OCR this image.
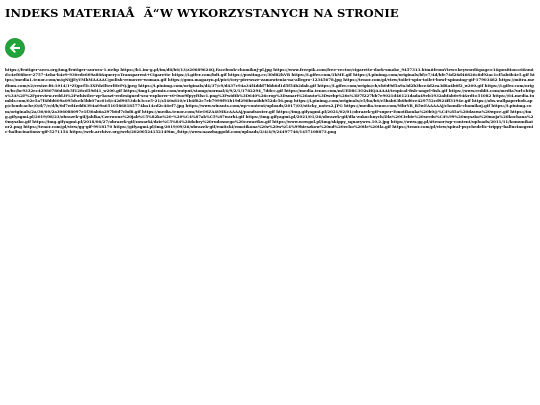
INDEKS MATERIAÅÃ“W WYKORZYSTANYCH NA STRONIE
https://frutiger-aero.org/img/frutiger-aurora-1.webp https://b1.im-g.pl/im/d8/b6/13/z20689624Q,Facebook-chomikuj-pl.jpg https://www.freepik.com/free-vector/cigarette-dark-smoke_9457313.htm#fromView=keyword&page=1&position=6&uuid=4ef08bee-2757-4eba-b4e9-930ede609a88&query=Transparent+Cigarette https://i.gifer.com/bdt.gif https://posting.cc/30d82hVR https://i.gifer.com/1kME.gif https://i.pinimg.com/originals/bf/e7/4d/bfe74d26d46826c8d92ac1cf5ab6b4e5.gif https://media1.tenor.com/m/qNtjjEyVMhMAAAAC/polish-remover-woman.gif https://gmu.magazyn.pl/pict/trzy-pierwsze-zamowienia-na-allegro-12345678.jpg https://tenor.com/pl/view/toilet-spin-toilet-bowl-spinning-gif-17903482 https://mitra.medium.com/v2/resize:fit:1014/1*ZQpcfTc3XFdzIlterlHvPQ.jpeg https://i.pinimg.com/originals/d4/37/c9/d437c94a34f4ddd7bbb6d1d5f54b2dab.gif https://i.gifer.com/origin/cb/cb0d9d5a9a3d2b3bce4d2ea3d8a4b6f2_w200.gif https://i.gifer.com/origin/bc/bc9332ec42980780d4dc5f128cd59d41_w200.gif https://img1.picmix.com/output/stamp/normal/4/9/2/1/1782294_7ddcc.gif https://media.tenor.com/mUED8C3O2sHQAAAAi/tropical-fish-angel-fish.gif https://www.reddit.com/media?url=https%3A%2F%2Fpreview.redd.it%2Fwhistler-zp-koszt-redesigned-sea-explorer-v0-0uo9fpyyftlsc1.png%3Fwidth%3D640%26crop%3Dsmart%26auto%3Dwebp%26s%3D7f227bb7e9021d46121dada49eb1932abfab0e94&rdt=51082 https://64.media.tumblr.com/02e5a7f4fdd609a095dceb5bb07ac01d/c42d9053dcb3cce5-21/s540x810/e1b4f82c7eb7999f91b19d290bea6bb952dc56.png https://i.pinimg.com/originals/e5/ba/b6/e5bab63b0bd0ce429752cd924ff3194e.gif https://obs.wallpaperbob.app/cloudcache/0/d/7/e/d/b/0d7ed4edd6394a09a65105868185774ba14cd2c46ef7.jpg https://www.winsnts.com/wp-content/uploads/2017/03/sticky_notes2.JPG https://media.tenor.com/MbrYR_B5wEAAAAAj/chomik-chomikuj.gif https://i.pinimg.com/originals/2a/30/60/2a306088097e1f30ab6a297b0d7cbd8.gif https://media.tenor.com/MeOSZA4tMKcAAAAj/pandsoster.gif https://img.gifyagmi.pl/2021/02/01/obrazek-gif-super-Emotikonka%20b0@%C4%85a%20dzawa%20wpce.gif https://img.gifyagmi.pl/2019/08/23/obrazek-gif/jablka/Czerwone%20jab%C5%82ko%20-%20%C4%87ak%C5%87warhi.gif https://img.gifyagmi.pl/2021/01/26/obrazek-gif/dla-zukochnych/Dla%20Ciebie%20serdu%C4%99%20myszko%20moja%20kochana%20myszko.gif https://img.gifyagmi.pl/2018/06/27/obrazek-gif/zawarki/dzie%C5%84%20dobry%20rudosnego%20czwartku.gif https://www.wowgol.pl/img/skippy_squarywes.10.2.jpg https://www.gg.pl/#tenor/wp-content/uploads/2011/11/komunikator2.png https://tenor.com/pl/view/gg-gif-9918170 https://gifyagmi.pl/img/2019/09/26/obrazek-gif/emitcki/emotikona%20z%20w%C4%99bieszkow%20nd%20echo%20tle%20tla.gif https://tenor.com/pl/view/spiral-psychedelic-trippy-hallucinogenic-hallucinations-gif-5271154 https://web.archive.org/web/20200524152149im_/http://www.nazzbaggold.com/uploads/2/4/4/9/24497746/1457108873.png
